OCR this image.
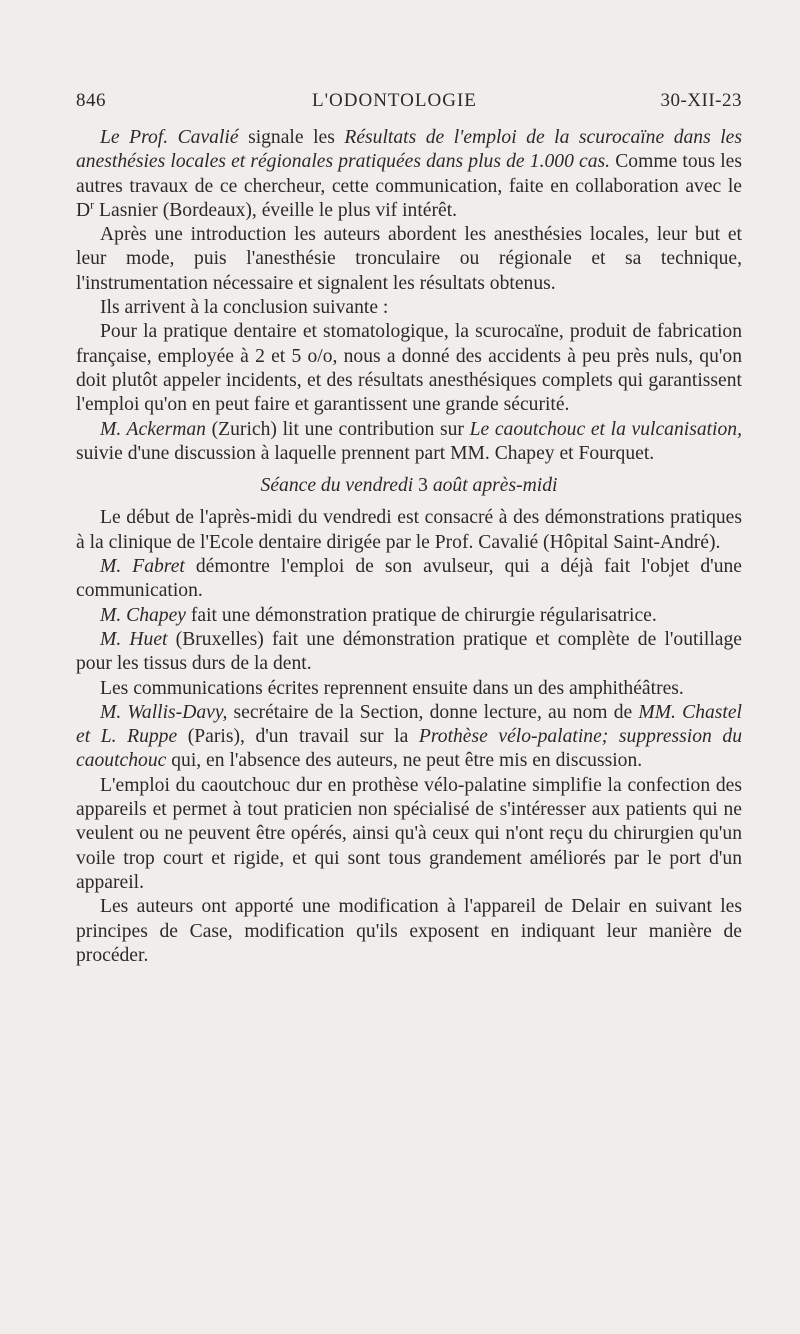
846	L'ODONTOLOGIE	30-XII-23

Le Prof. Cavalié signale les Résultats de l'emploi de la scurocaïne dans les anesthésies locales et régionales pratiquées dans plus de 1.000 cas. Comme tous les autres travaux de ce chercheur, cette communication, faite en collaboration avec le $D^r$ Lasnier (Bordeaux), éveille le plus vif intérêt.

Après une introduction les auteurs abordent les anesthésies locales, leur but et leur mode, puis l'anesthésie tronculaire ou régionale et sa technique, l'instrumentation nécessaire et signalent les résultats obtenus.

Ils arrivent à la conclusion suivante :

Pour la pratique dentaire et stomatologique, la scurocaïne, produit de fabrication française, employée à 2 et 5 o/o, nous a donné des accidents à peu près nuls, qu'on doit plutôt appeler incidents, et des résultats anesthésiques complets qui garantissent l'emploi qu'on en peut faire et garantissent une grande sécurité.

M. Ackerman (Zurich) lit une contribution sur Le caoutchouc et la vulcanisation, suivie d'une discussion à laquelle prennent part MM. Chapey et Fourquet.

Séance du vendredi 3 août après-midi

Le début de l'après-midi du vendredi est consacré à des démonstrations pratiques à la clinique de l'Ecole dentaire dirigée par le Prof. Cavalié (Hôpital Saint-André).

M. Fabret démontre l'emploi de son avulseur, qui a déjà fait l'objet d'une communication.

M. Chapey fait une démonstration pratique de chirurgie régularisatrice.

M. Huet (Bruxelles) fait une démonstration pratique et complète de l'outillage pour les tissus durs de la dent.

Les communications écrites reprennent ensuite dans un des amphithéâtres.

M. Wallis-Davy, secrétaire de la Section, donne lecture, au nom de MM. Chastel et L. Ruppe (Paris), d'un travail sur la Prothèse vélo-palatine; suppression du caoutchouc qui, en l'absence des auteurs, ne peut être mis en discussion.

L'emploi du caoutchouc dur en prothèse vélo-palatine simplifie la confection des appareils et permet à tout praticien non spécialisé de s'intéresser aux patients qui ne veulent ou ne peuvent être opérés, ainsi qu'à ceux qui n'ont reçu du chirurgien qu'un voile trop court et rigide, et qui sont tous grandement améliorés par le port d'un appareil.

Les auteurs ont apporté une modification à l'appareil de Delair en suivant les principes de Case, modification qu'ils exposent en indiquant leur manière de procéder.
